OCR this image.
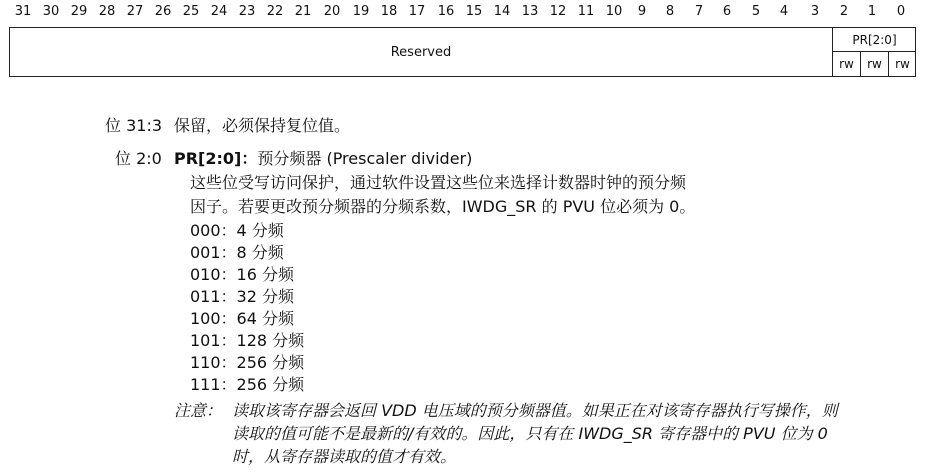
31 30 29 28 27 26 25 24 23 22 21 20 19 18 17 16 15 14 13 12 11 10	9	8	7	6	5	4	3	2	1	0
Reserved
PR[2:0]
rw	rw	rw
位 31:3 保留，必须保持复位值。
位 2:0 PR[2:0]：预分频器 (Prescaler divider)
这些位受写访问保护，通过软件设置这些位来选择计数器时钟的预分频
因子。若要更改预分频器的分频系数，IWDG_SR 的 PVU 位必须为 0。
000：4 分频
001：8 分频
010：16 分频
011：32 分频
100：64 分频
101：128 分频
110：256 分频
111：256 分频
注意： 读取该寄存器会返回 VDD 电压域的预分频器值。如果正在对该寄存器执行写操作，则
读取的值可能不是最新的/有效的。因此，只有在 IWDG_SR 寄存器中的 PVU 位为 0
时，从寄存器读取的值才有效。
